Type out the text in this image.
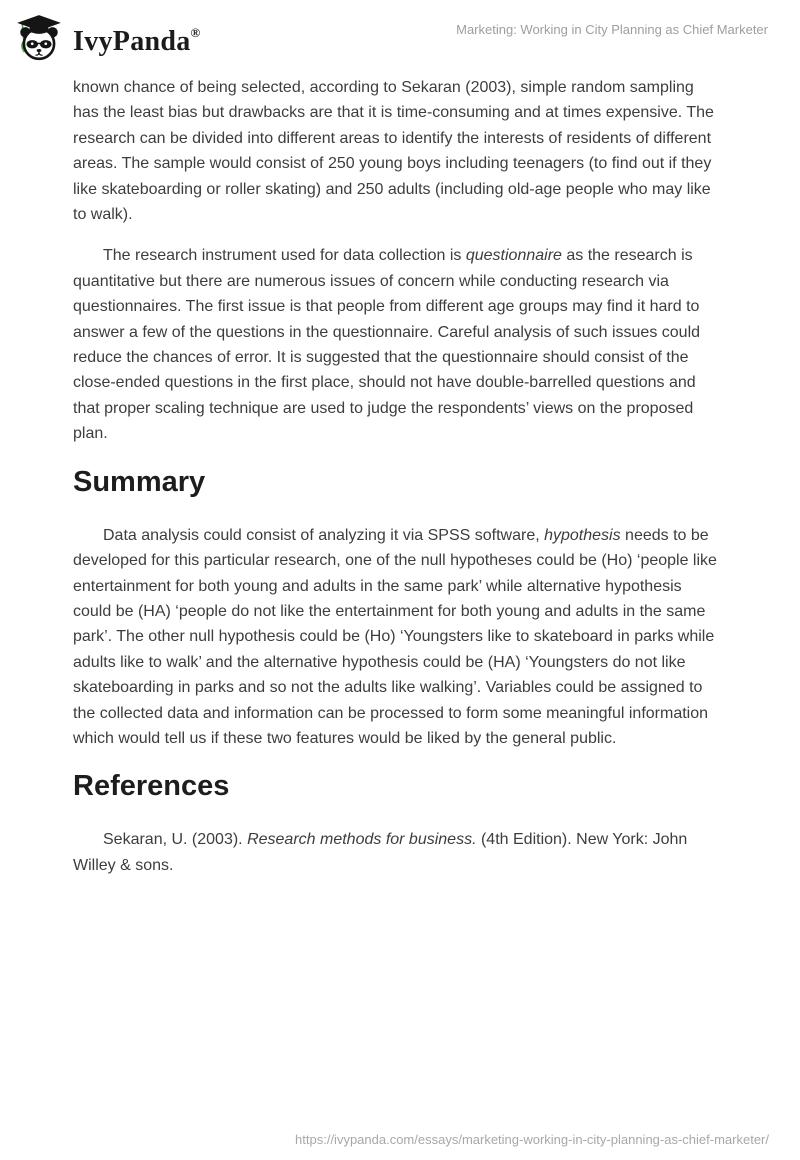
IvyPanda®	Marketing: Working in City Planning as Chief Marketer

known chance of being selected, according to Sekaran (2003), simple random sampling has the least bias but drawbacks are that it is time-consuming and at times expensive. The research can be divided into different areas to identify the interests of residents of different areas. The sample would consist of 250 young boys including teenagers (to find out if they like skateboarding or roller skating) and 250 adults (including old-age people who may like to walk).

The research instrument used for data collection is questionnaire as the research is quantitative but there are numerous issues of concern while conducting research via questionnaires. The first issue is that people from different age groups may find it hard to answer a few of the questions in the questionnaire. Careful analysis of such issues could reduce the chances of error. It is suggested that the questionnaire should consist of the close-ended questions in the first place, should not have double-barrelled questions and that proper scaling technique are used to judge the respondents’ views on the proposed plan.

Summary

Data analysis could consist of analyzing it via SPSS software, hypothesis needs to be developed for this particular research, one of the null hypotheses could be (Ho) ‘people like entertainment for both young and adults in the same park’ while alternative hypothesis could be (HA) ‘people do not like the entertainment for both young and adults in the same park’. The other null hypothesis could be (Ho) ‘Youngsters like to skateboard in parks while adults like to walk’ and the alternative hypothesis could be (HA) ‘Youngsters do not like skateboarding in parks and so not the adults like walking’. Variables could be assigned to the collected data and information can be processed to form some meaningful information which would tell us if these two features would be liked by the general public.

References

Sekaran, U. (2003). Research methods for business. (4th Edition). New York: John Willey & sons.

https://ivypanda.com/essays/marketing-working-in-city-planning-as-chief-marketer/
